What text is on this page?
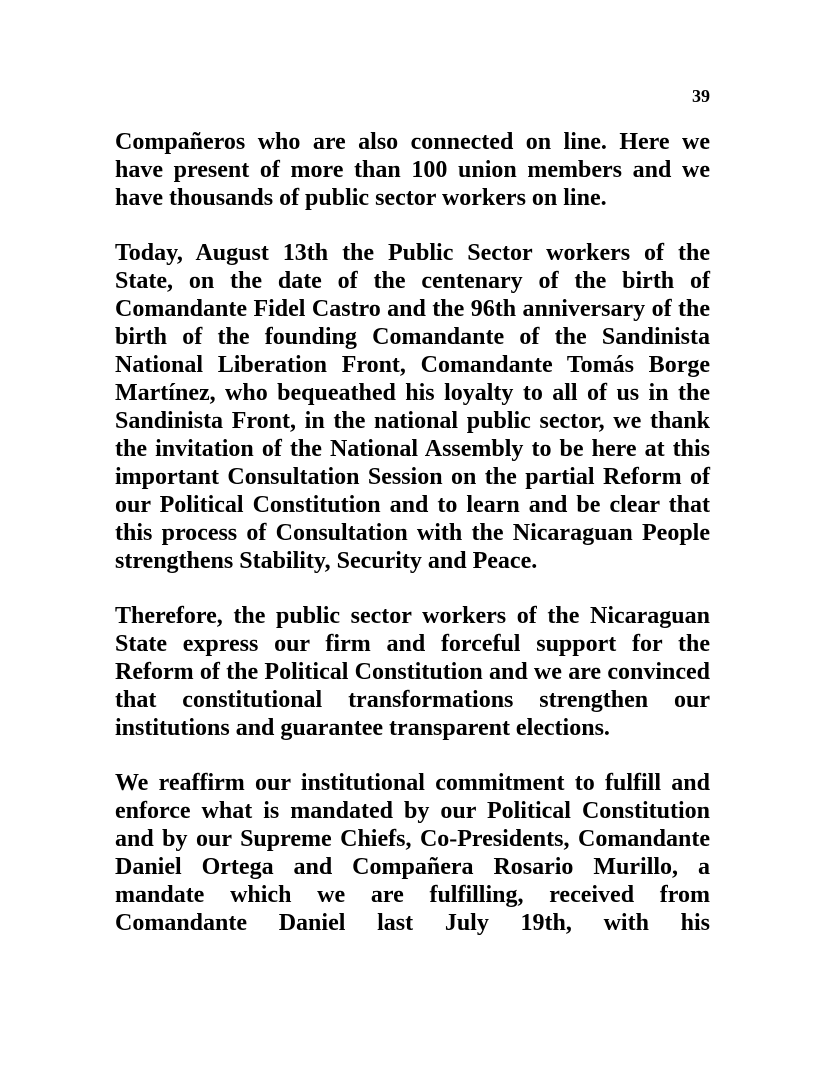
39

Compañeros who are also connected on line. Here we have present of more than 100 union members and we have thousands of public sector workers on line.

Today, August 13th the Public Sector workers of the State, on the date of the centenary of the birth of Comandante Fidel Castro and the 96th anniversary of the birth of the founding Comandante of the Sandinista National Liberation Front, Comandante Tomás Borge Martínez, who bequeathed his loyalty to all of us in the Sandinista Front, in the national public sector, we thank the invitation of the National Assembly to be here at this important Consultation Session on the partial Reform of our Political Constitution and to learn and be clear that this process of Consultation with the Nicaraguan People strengthens Stability, Security and Peace.

Therefore, the public sector workers of the Nicaraguan State express our firm and forceful support for the Reform of the Political Constitution and we are convinced that constitutional transformations strengthen our institutions and guarantee transparent elections.

We reaffirm our institutional commitment to fulfill and enforce what is mandated by our Political Constitution and by our Supreme Chiefs, Co-Presidents, Comandante Daniel Ortega and Compañera Rosario Murillo, a mandate which we are fulfilling, received from Comandante Daniel last July 19th, with his
